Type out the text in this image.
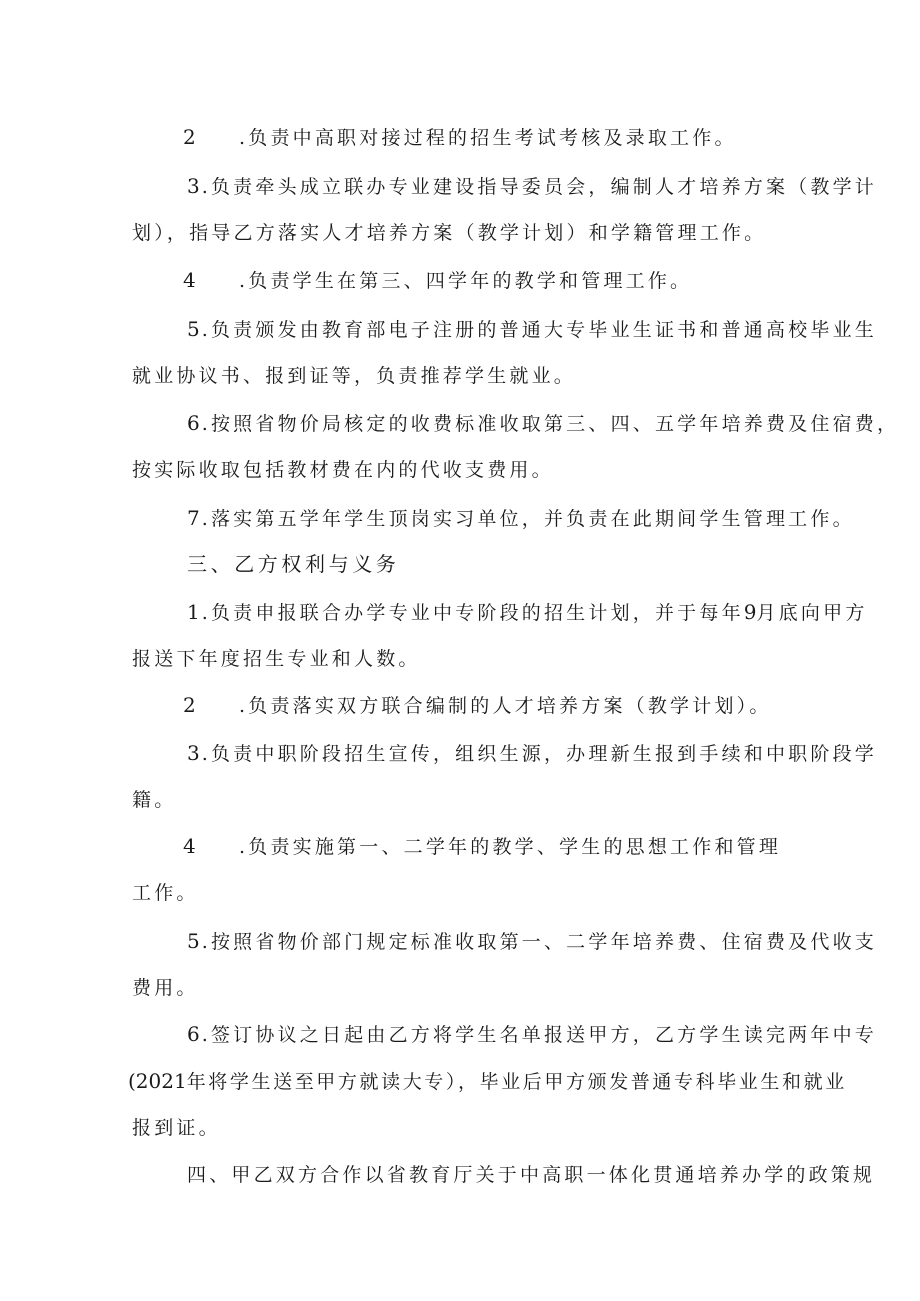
2 .负责中高职对接过程的招生考试考核及录取工作。
3 .负责牵头成立联办专业建设指导委员会，编制人才培养方案（教学计
划），指导乙方落实人才培养方案（教学计划）和学籍管理工作。
4 .负责学生在第三、四学年的教学和管理工作。
5 .负责颁发由教育部电子注册的普通大专毕业生证书和普通高校毕业生
就业协议书、报到证等，负责推荐学生就业。
6 .按照省物价局核定的收费标准收取第三、四、五学年培养费及住宿费，
按实际收取包括教材费在内的代收支费用。
7 .落实第五学年学生顶岗实习单位，并负责在此期间学生管理工作。
三、乙方权利与义务
1 .负责申报联合办学专业中专阶段的招生计划，并于每年9月底向甲方
报送下年度招生专业和人数。
2 .负责落实双方联合编制的人才培养方案（教学计划）。
3 .负责中职阶段招生宣传，组织生源，办理新生报到手续和中职阶段学
籍。
4 .负责实施第一、二学年的教学、学生的思想工作和管理
工作。
5 .按照省物价部门规定标准收取第一、二学年培养费、住宿费及代收支
费用。
6 .签订协议之日起由乙方将学生名单报送甲方，乙方学生读完两年中专
(2021年将学生送至甲方就读大专），毕业后甲方颁发普通专科毕业生和就业
报到证。
四、甲乙双方合作以省教育厅关于中高职一体化贯通培养办学的政策规
